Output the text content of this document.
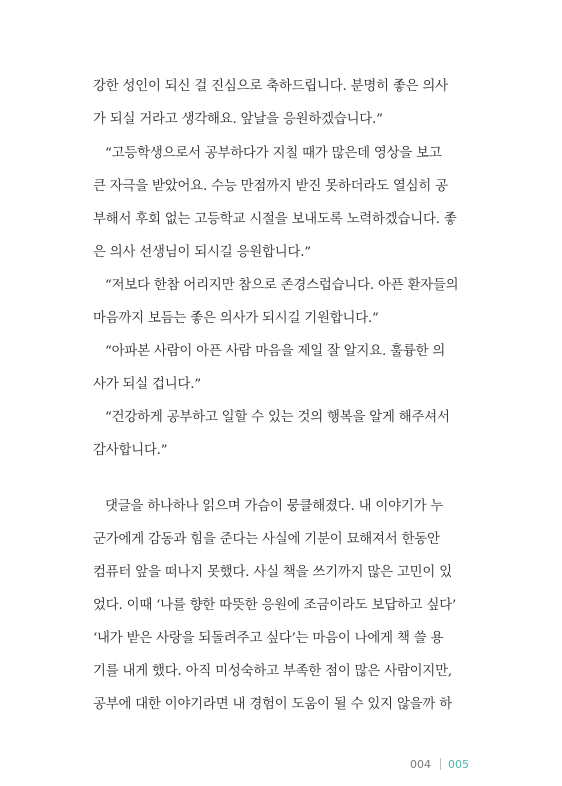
강한 성인이 되신 걸 진심으로 축하드립니다. 분명히 좋은 의사
가 되실 거라고 생각해요. 앞날을 응원하겠습니다.”
“고등학생으로서 공부하다가 지칠 때가 많은데 영상을 보고
큰 자극을 받았어요. 수능 만점까지 받진 못하더라도 열심히 공
부해서 후회 없는 고등학교 시절을 보내도록 노력하겠습니다. 좋
은 의사 선생님이 되시길 응원합니다.”
“저보다 한참 어리지만 참으로 존경스럽습니다. 아픈 환자들의
마음까지 보듬는 좋은 의사가 되시길 기원합니다.”
“아파본 사람이 아픈 사람 마음을 제일 잘 알지요. 훌륭한 의
사가 되실 겁니다.”
“건강하게 공부하고 일할 수 있는 것의 행복을 알게 해주셔서
감사합니다.”
댓글을 하나하나 읽으며 가슴이 뭉클해졌다. 내 이야기가 누
군가에게 감동과 힘을 준다는 사실에 기분이 묘해져서 한동안
컴퓨터 앞을 떠나지 못했다. 사실 책을 쓰기까지 많은 고민이 있
었다. 이때 ‘나를 향한 따뜻한 응원에 조금이라도 보답하고 싶다’
‘내가 받은 사랑을 되돌려주고 싶다’는 마음이 나에게 책 쓸 용
기를 내게 했다. 아직 미성숙하고 부족한 점이 많은 사람이지만,
공부에 대한 이야기라면 내 경험이 도움이 될 수 있지 않을까 하
004 005
